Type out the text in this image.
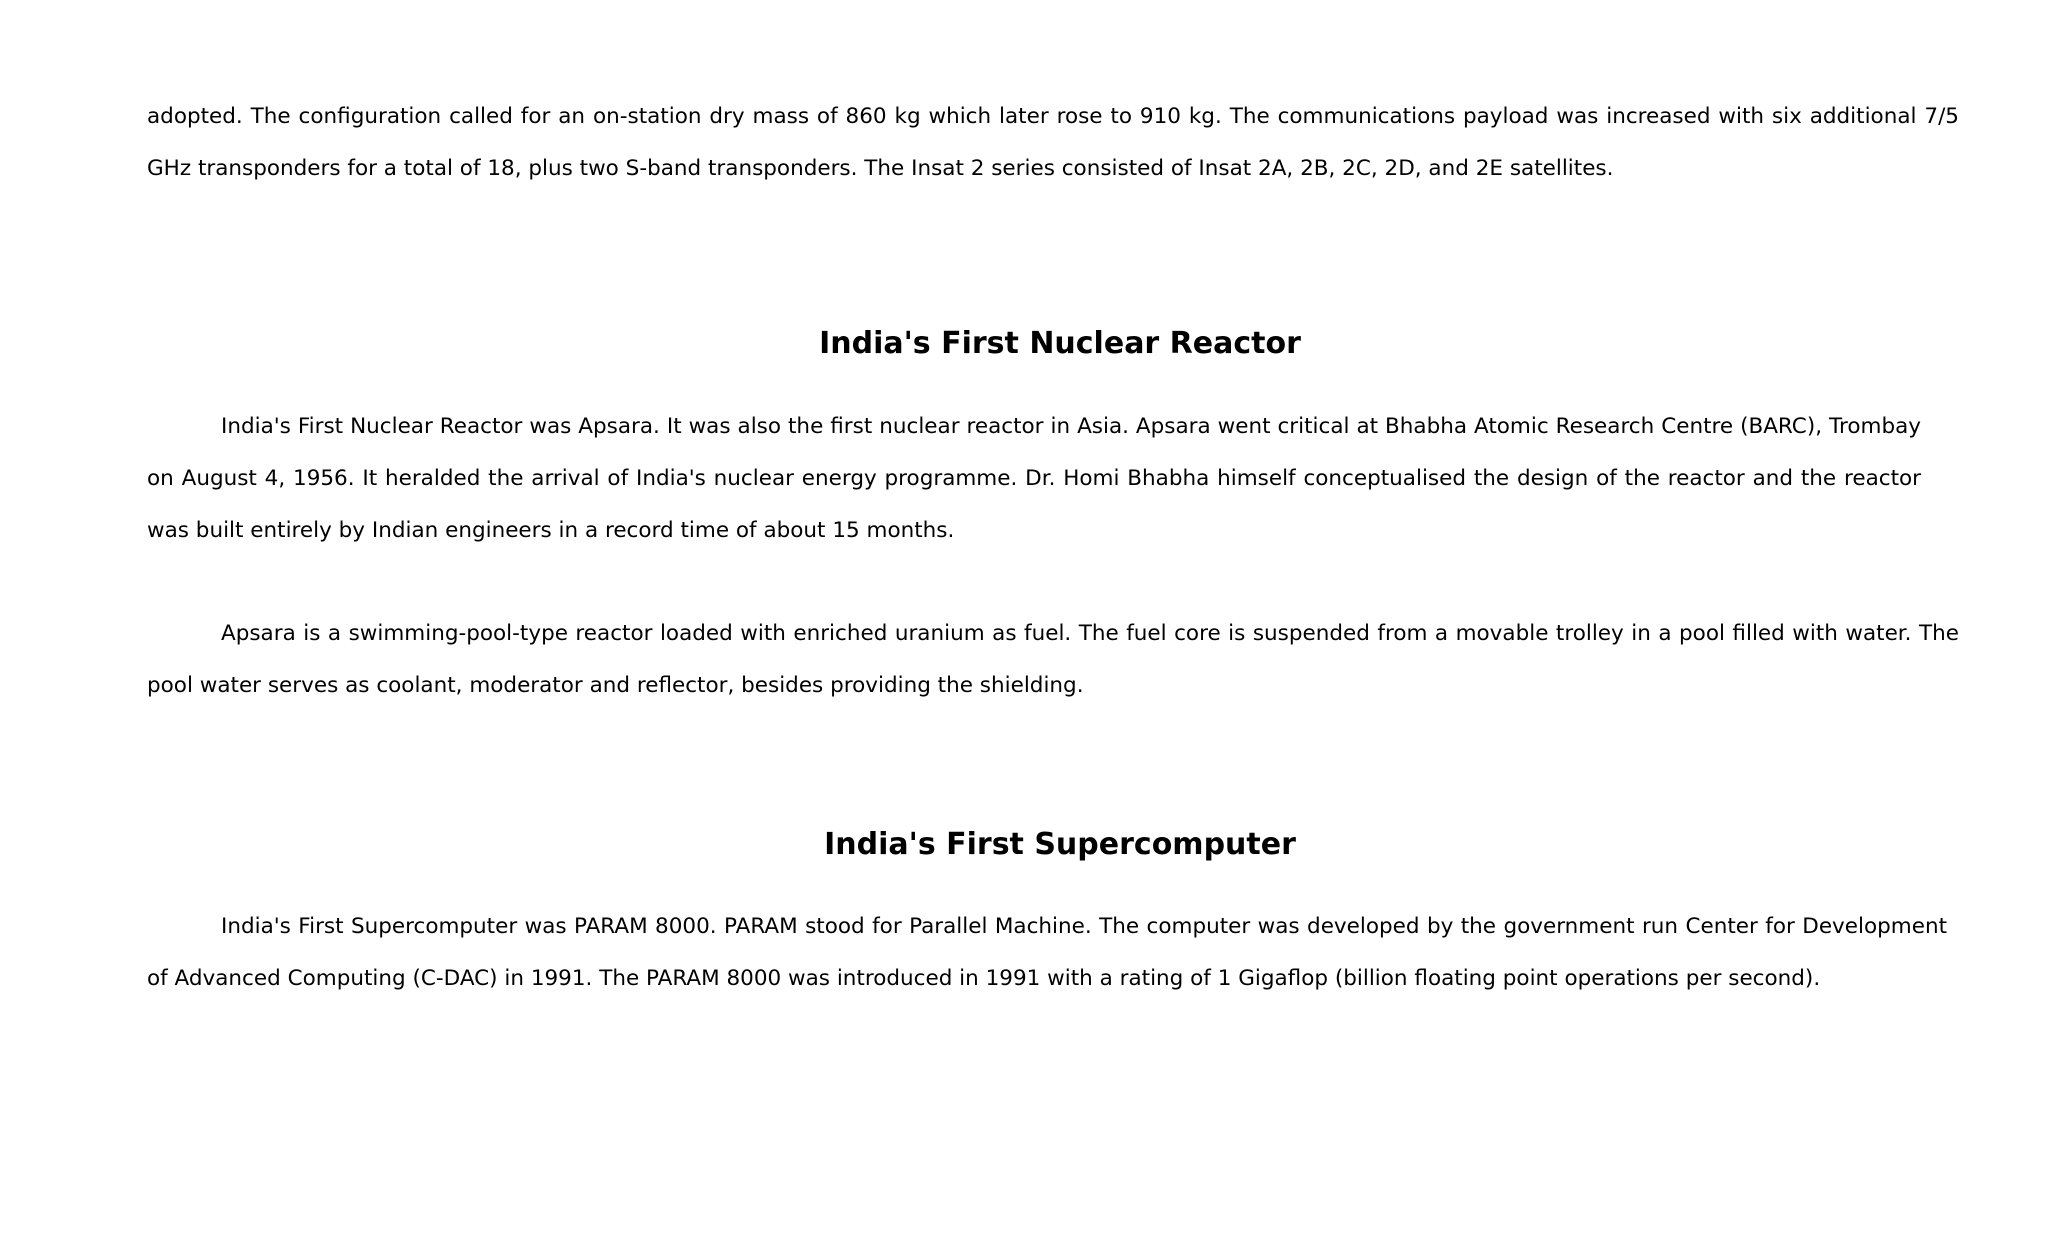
adopted. The configuration called for an on-station dry mass of 860 kg which later rose to 910 kg. The communications payload was increased with six additional 7/5 GHz transponders for a total of 18, plus two S-band transponders. The Insat 2 series consisted of Insat 2A, 2B, 2C, 2D, and 2E satellites.

India's First Nuclear Reactor

India's First Nuclear Reactor was Apsara. It was also the first nuclear reactor in Asia. Apsara went critical at Bhabha Atomic Research Centre (BARC), Trombay on August 4, 1956. It heralded the arrival of India's nuclear energy programme. Dr. Homi Bhabha himself conceptualised the design of the reactor and the reactor was built entirely by Indian engineers in a record time of about 15 months.

Apsara is a swimming-pool-type reactor loaded with enriched uranium as fuel. The fuel core is suspended from a movable trolley in a pool filled with water. The pool water serves as coolant, moderator and reflector, besides providing the shielding.

India's First Supercomputer

India's First Supercomputer was PARAM 8000. PARAM stood for Parallel Machine. The computer was developed by the government run Center for Development of Advanced Computing (C-DAC) in 1991. The PARAM 8000 was introduced in 1991 with a rating of 1 Gigaflop (billion floating point operations per second).
